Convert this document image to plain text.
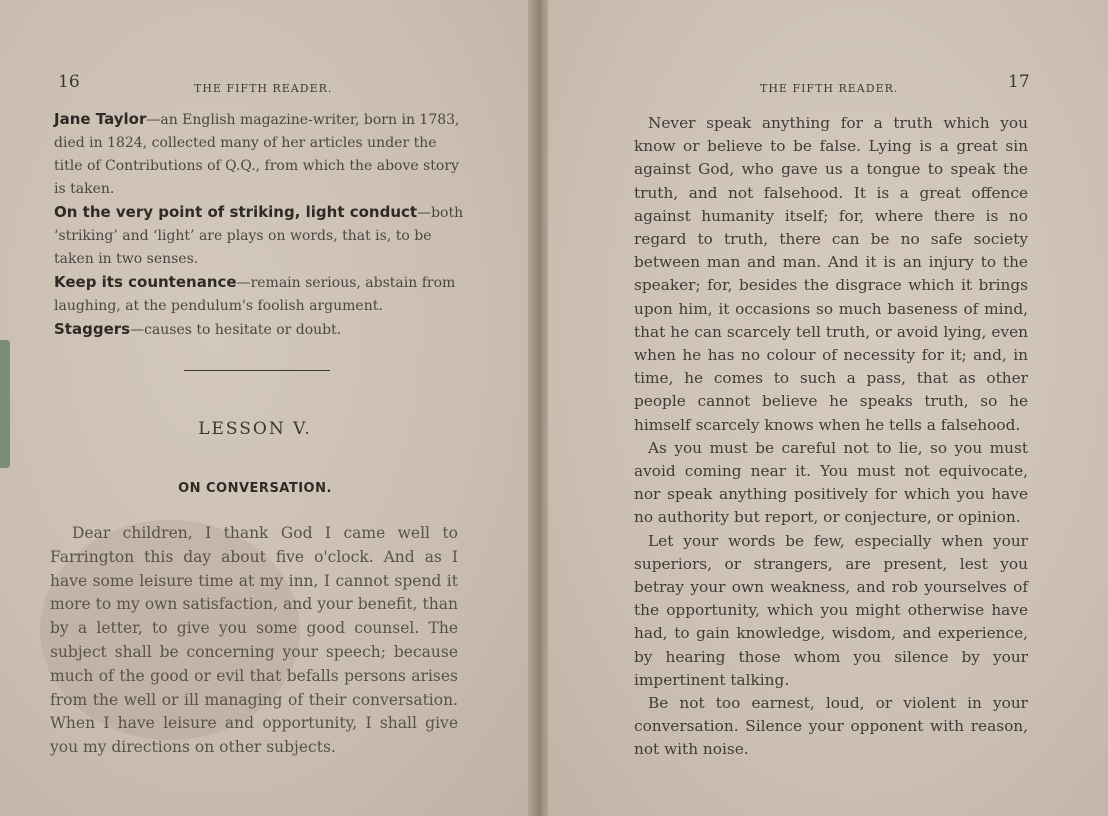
16	THE FIFTH READER.

Jane Taylor—an English magazine-writer, born in 1783, died in 1824, collected many of her articles under the title of Contributions of Q.Q., from which the above story is taken.

On the very point of striking, light conduct—both ‘striking’ and ‘light’ are plays on words, that is, to be taken in two senses.

Keep its countenance—remain serious, abstain from laughing, at the pendulum's foolish argument.

Staggers—causes to hesitate or doubt.

LESSON V.
ON CONVERSATION.

Dear children, I thank God I came well to Farrington this day about five o'clock. And as I have some leisure time at my inn, I cannot spend it more to my own satisfaction, and your benefit, than by a letter, to give you some good counsel. The subject shall be concerning your speech; because much of the good or evil that befalls persons arises from the well or ill managing of their conversation. When I have leisure and opportunity, I shall give you my directions on other subjects.

THE FIFTH READER.	17

Never speak anything for a truth which you know or believe to be false. Lying is a great sin against God, who gave us a tongue to speak the truth, and not falsehood. It is a great offence against humanity itself; for, where there is no regard to truth, there can be no safe society between man and man. And it is an injury to the speaker; for, besides the disgrace which it brings upon him, it occasions so much baseness of mind, that he can scarcely tell truth, or avoid lying, even when he has no colour of necessity for it; and, in time, he comes to such a pass, that as other people cannot believe he speaks truth, so he himself scarcely knows when he tells a falsehood.

As you must be careful not to lie, so you must avoid coming near it. You must not equivocate, nor speak anything positively for which you have no authority but report, or conjecture, or opinion.

Let your words be few, especially when your superiors, or strangers, are present, lest you betray your own weakness, and rob yourselves of the opportunity, which you might otherwise have had, to gain knowledge, wisdom, and experience, by hearing those whom you silence by your impertinent talking.

Be not too earnest, loud, or violent in your conversation. Silence your opponent with reason, not with noise.
